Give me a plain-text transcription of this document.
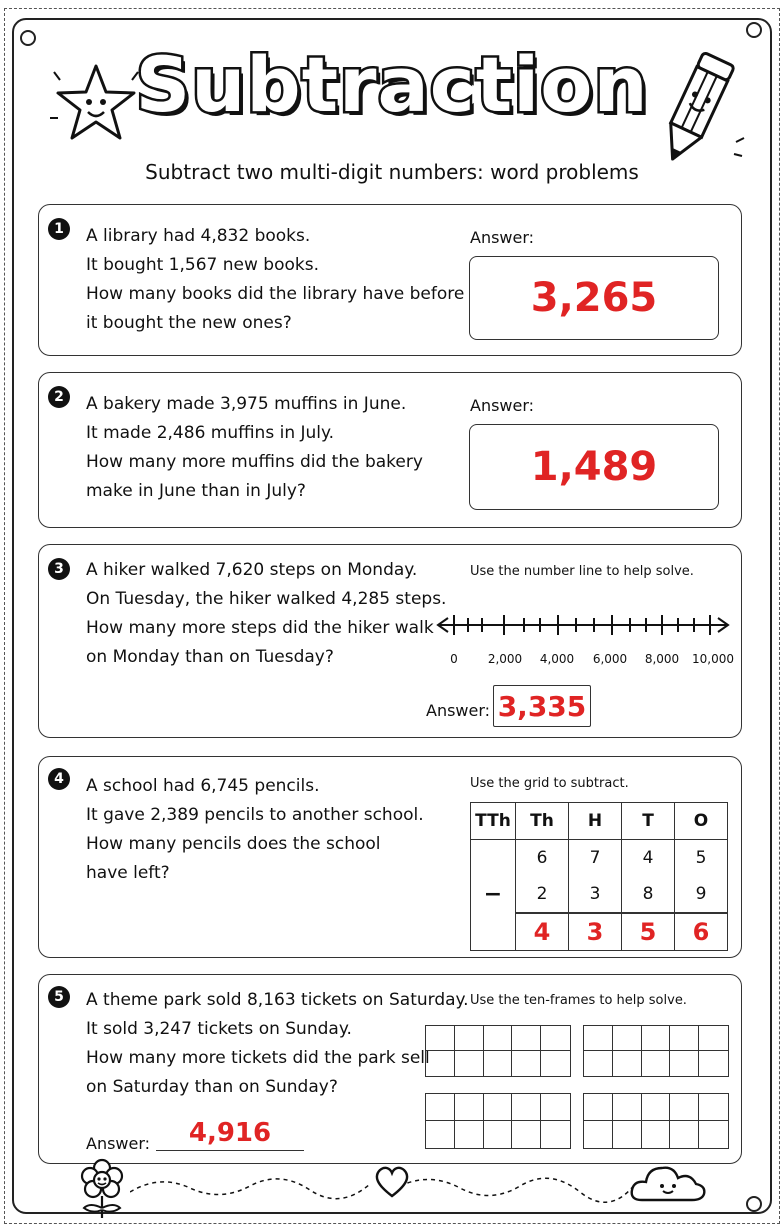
Subtraction
Subtract two multi-digit numbers: word problems
1	A library had 4,832 books.
It bought 1,567 new books.
How many books did the library have before
it bought the new ones?
Answer:
3,265
2	A bakery made 3,975 muffins in June.
It made 2,486 muffins in July.
How many more muffins did the bakery
make in June than in July?
Answer:
1,489
3	A hiker walked 7,620 steps on Monday.
On Tuesday, the hiker walked 4,285 steps.
How many more steps did the hiker walk
on Monday than on Tuesday?
Use the number line to help solve.
0	2,000	4,000	6,000	8,000	10,000
Answer: 3,335
4	A school had 6,745 pencils.
It gave 2,389 pencils to another school.
How many pencils does the school
have left?
Use the grid to subtract.
TTh	Th	H	T	O
−	6	7	4	5
	2	3	8	9
	4	3	5	6
5	A theme park sold 8,163 tickets on Saturday.
It sold 3,247 tickets on Sunday.
How many more tickets did the park sell
on Saturday than on Sunday?
Use the ten-frames to help solve.
Answer:	4,916
